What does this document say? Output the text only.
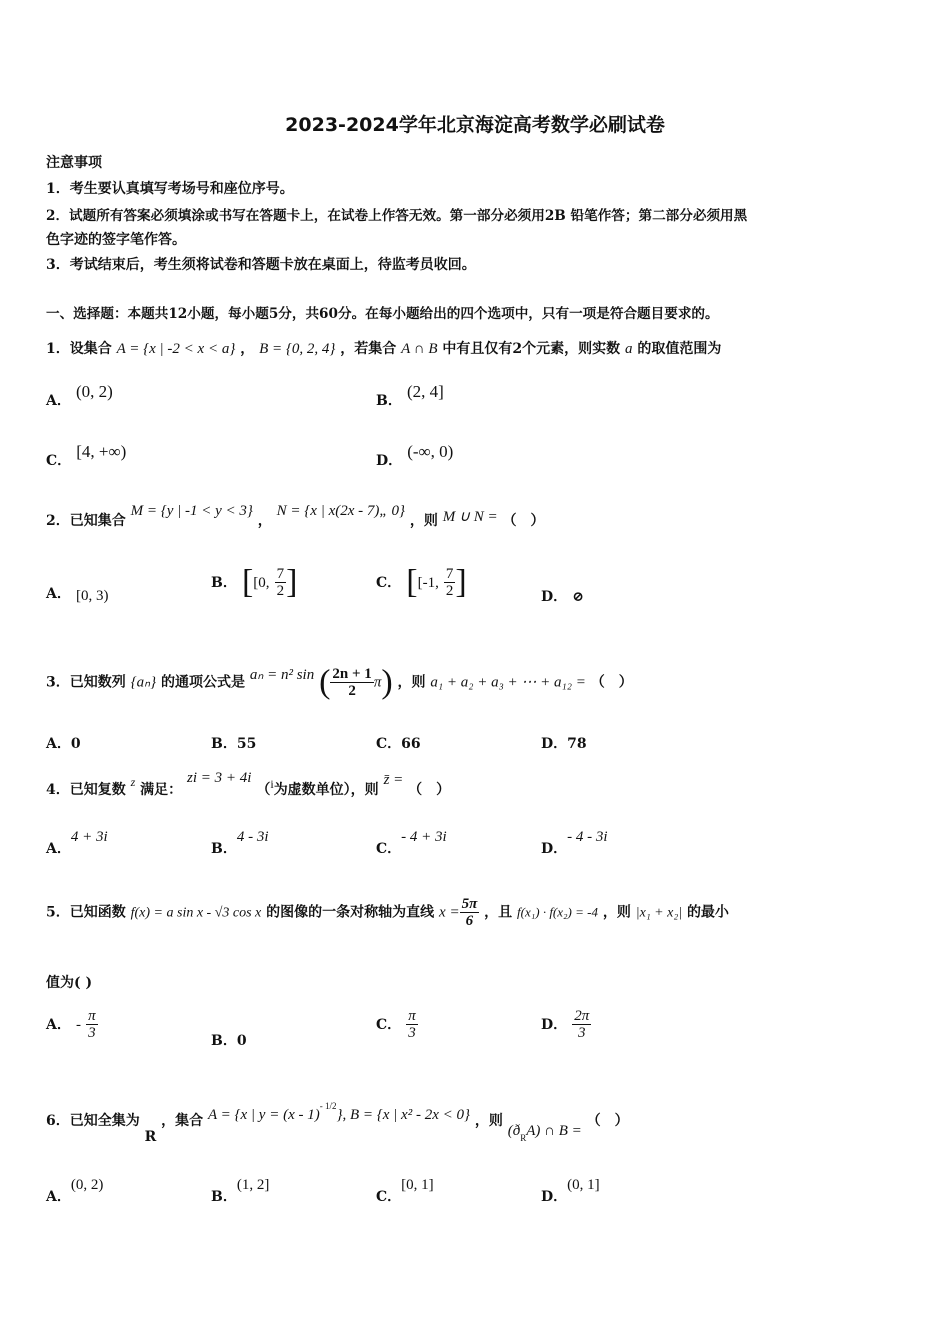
2023-2024学年北京海淀高考数学必刷试卷
注意事项
1．考生要认真填写考场号和座位序号。
2．试题所有答案必须填涂或书写在答题卡上，在试卷上作答无效。第一部分必须用2B 铅笔作答；第二部分必须用黑
色字迹的签字笔作答。
3．考试结束后，考生须将试卷和答题卡放在桌面上，待监考员收回。
一、选择题：本题共12小题，每小题5分，共60分。在每小题给出的四个选项中，只有一项是符合题目要求的。
1．设集合 A = {x | -2 < x < a} ， B = {0, 2, 4} ，若集合 A ∩ B 中有且仅有2个元素，则实数 a 的取值范围为
A． (0, 2)	B． (2, 4]
C． [4, +∞)	D． (-∞, 0)
2．已知集合 M = {y | -1 < y < 3} ， N = {x | x(2x - 7)„ 0} ，则 M ∪ N = （　）
A． [0, 3)
B． [[0, $\frac{7}{2}$ ]	C． [[-1, $\frac{7}{2}$ ]	D． ⊘
3．已知数列 {aₙ} 的通项公式是 aₙ = n² sin ( $\frac{2n + 1}{2} \pi$) ，则 a₁ + a₂ + a₃ + ⋯ + a₁₂ = （　）
A．0	B．55	C．66	D．78
4．已知复数 z 满足： zi = 3 + 4i （i为虚数单位），则 z̄ = （　）
A．4 + 3i
B．4 - 3i
C．- 4 + 3i
D．- 4 - 3i
5．已知函数 f(x) = a sin x - √3 cos x 的图像的一条对称轴为直线 $x = \frac{5\pi}{6}$ ，且 f(x₁) · f(x₂) = -4 ，则 |x₁ + x₂| 的最小
值为( )
A． - $\frac{\pi}{3}$	B．0
C． $\frac{\pi}{3}$	D． $\frac{2\pi}{3}$
6．已知全集为 R ，集合 A = {x | y = (x - 1)$^{- 1/2}$}, B = {x | x² - 2x < 0} ，则 $(ð_RA)$ ∩ B = （　）
A．(0, 2)
B．(1, 2]
C．[0, 1]
D．(0, 1]
